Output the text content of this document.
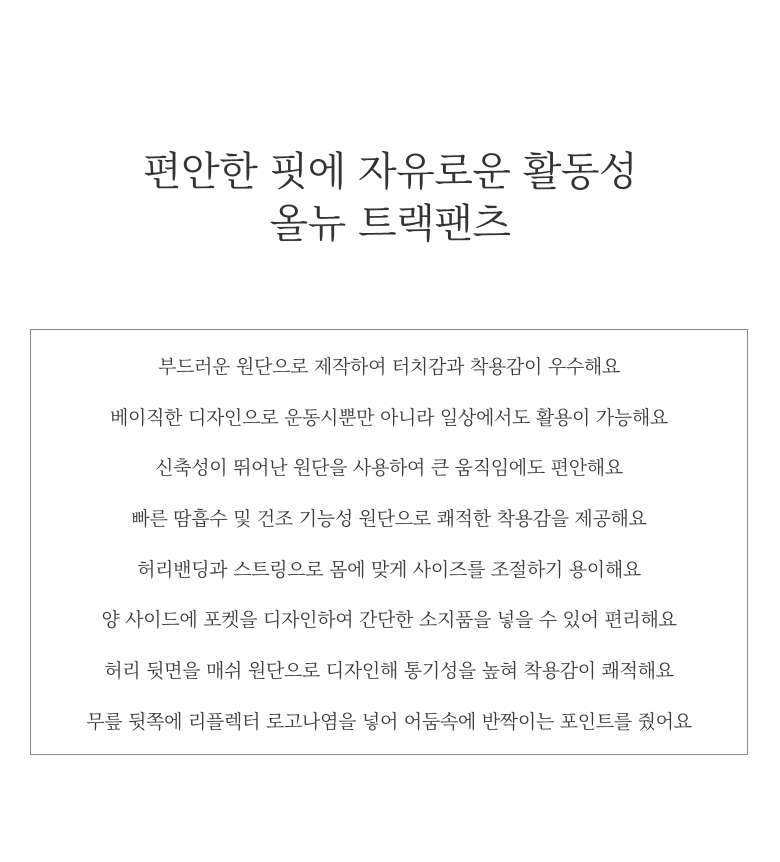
편안한 핏에 자유로운 활동성
올뉴 트랙팬츠
부드러운 원단으로 제작하여 터치감과 착용감이 우수해요
베이직한 디자인으로 운동시뿐만 아니라 일상에서도 활용이 가능해요
신축성이 뛰어난 원단을 사용하여 큰 움직임에도 편안해요
빠른 땀흡수 및 건조 기능성 원단으로 쾌적한 착용감을 제공해요
허리밴딩과 스트링으로 몸에 맞게 사이즈를 조절하기 용이해요
양 사이드에 포켓을 디자인하여 간단한 소지품을 넣을 수 있어 편리해요
허리 뒷면을 매쉬 원단으로 디자인해 통기성을 높혀 착용감이 쾌적해요
무릎 뒷쪽에 리플렉터 로고나염을 넣어 어둠속에 반짝이는 포인트를 줬어요
